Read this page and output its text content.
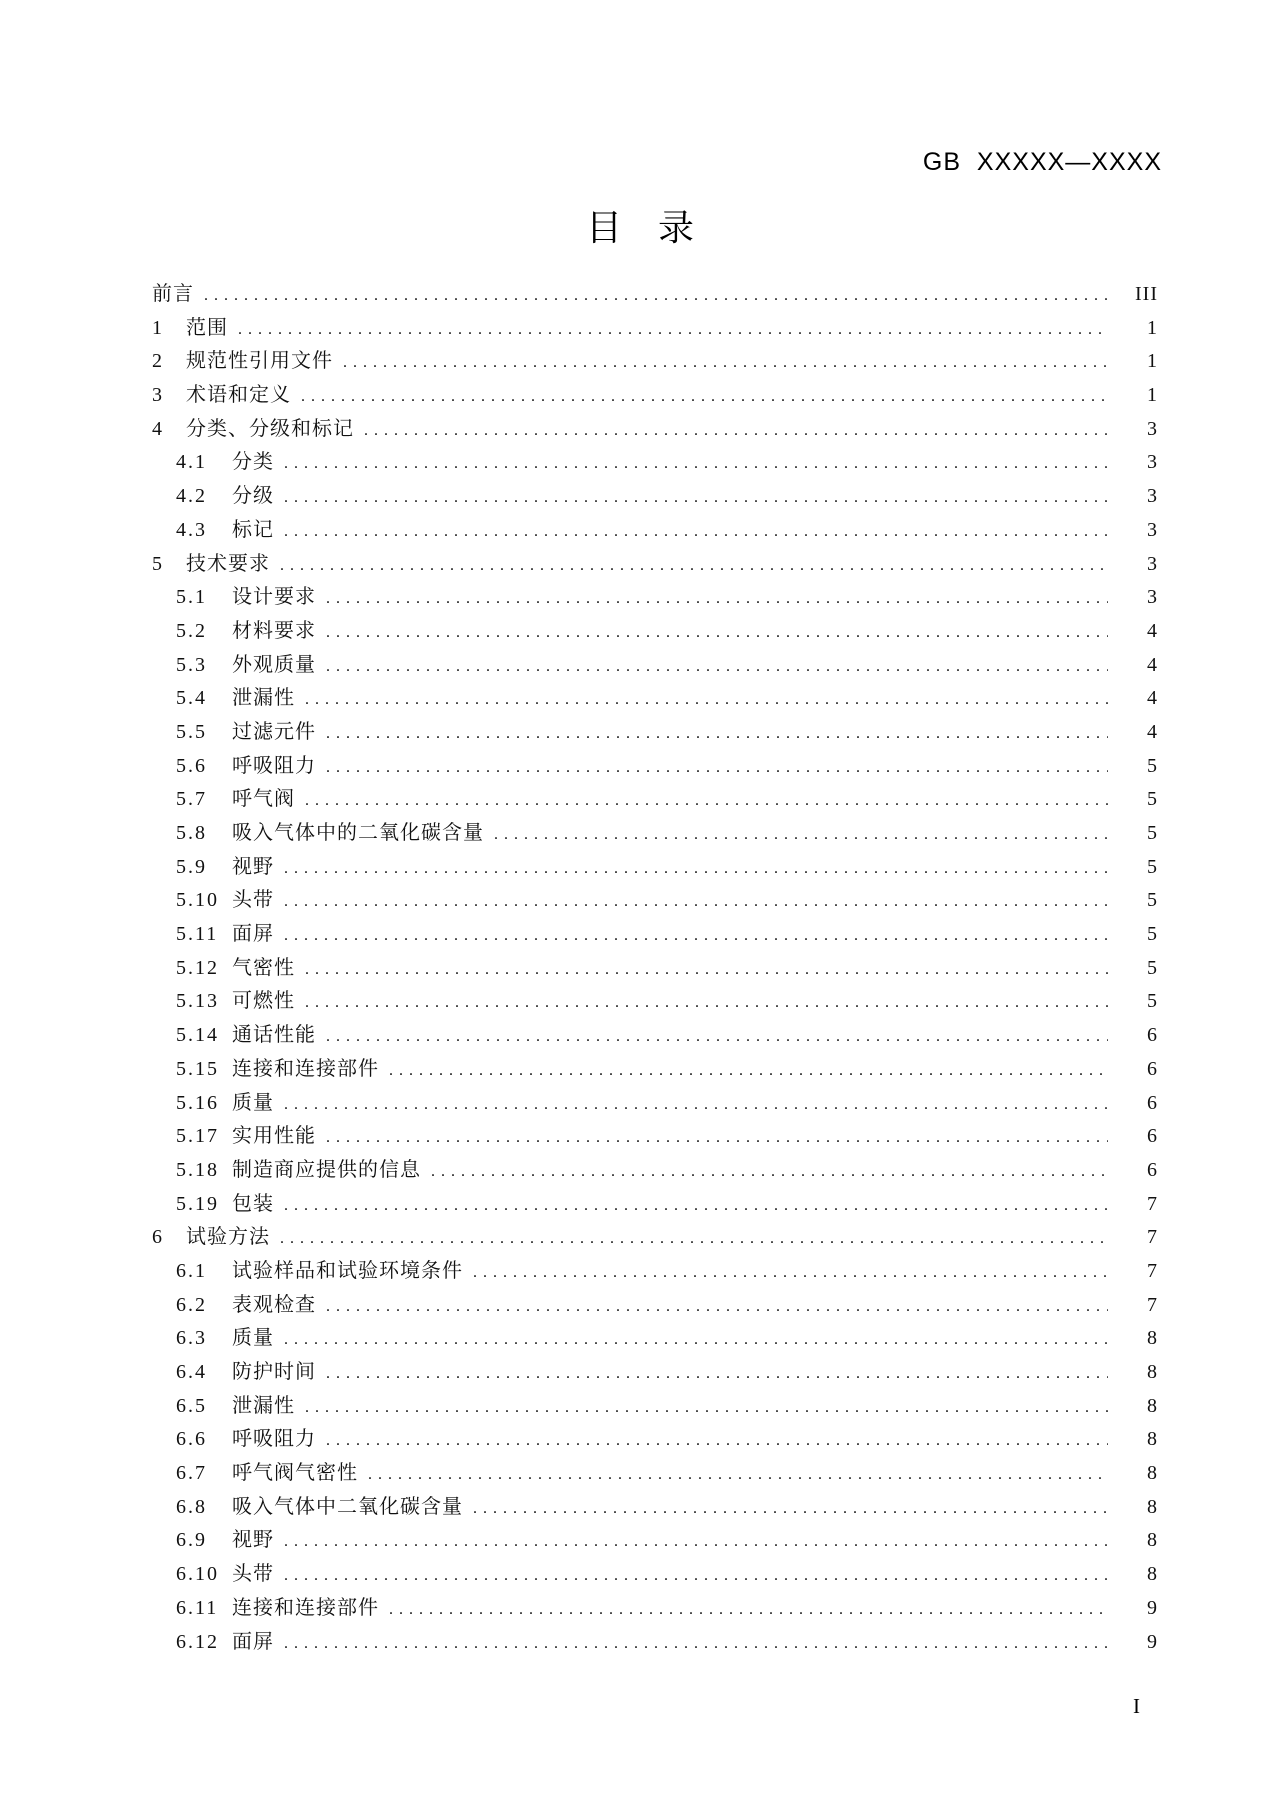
GB  XXXXX—XXXX
目　录
前言 .....	III
1	范围 .....	1
2	规范性引用文件 .....	1
3	术语和定义 .....	1
4	分类、分级和标记 .....	3
4.1	分类 .....	3
4.2	分级 .....	3
4.3	标记 .....	3
5	技术要求 .....	3
5.1	设计要求 .....	3
5.2	材料要求 .....	4
5.3	外观质量 .....	4
5.4	泄漏性 .....	4
5.5	过滤元件 .....	4
5.6	呼吸阻力 .....	5
5.7	呼气阀 .....	5
5.8	吸入气体中的二氧化碳含量 .....	5
5.9	视野 .....	5
5.10 头带 .....	5
5.11 面屏 .....	5
5.12 气密性 .....	5
5.13 可燃性 .....	5
5.14 通话性能 .....	6
5.15 连接和连接部件 .....	6
5.16 质量 .....	6
5.17 实用性能 .....	6
5.18 制造商应提供的信息 .....	6
5.19 包装 .....	7
6	试验方法 .....	7
6.1	试验样品和试验环境条件 .....	7
6.2	表观检查 .....	7
6.3	质量 .....	8
6.4	防护时间 .....	8
6.5	泄漏性 .....	8
6.6	呼吸阻力 .....	8
6.7	呼气阀气密性 .....	8
6.8	吸入气体中二氧化碳含量 .....	8
6.9	视野 .....	8
6.10 头带 .....	8
6.11 连接和连接部件 .....	9
6.12 面屏 .....	9
I
